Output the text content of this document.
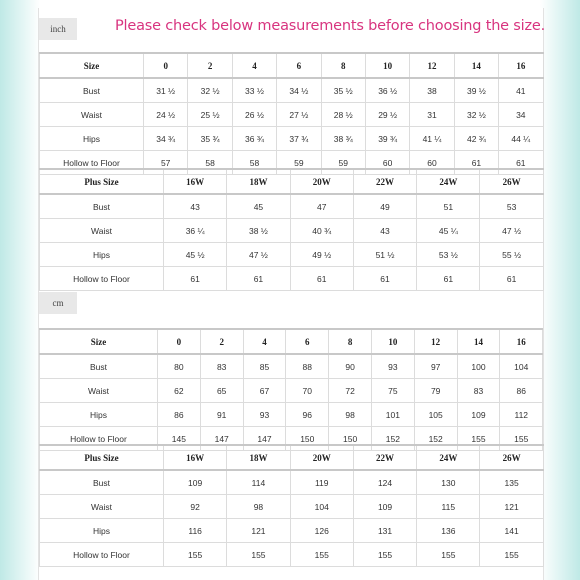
inch	Please check below measurements before choosing the size.
Size	0	2	4	6	8	10	12	14	16
Bust	31 ½	32 ½	33 ½	34 ½	35 ½	36 ½	38	39 ½	41
Waist	24 ½	25 ½	26 ½	27 ½	28 ½	29 ½	31	32 ½	34
Hips	34 ¾	35 ¾	36 ¾	37 ¾	38 ¾	39 ¾	41 ¼	42 ¾	44 ¼
Hollow to Floor	57	58	58	59	59	60	60	61	61
Plus Size	16W	18W	20W	22W	24W	26W
Bust	43	45	47	49	51	53
Waist	36 ¼	38 ½	40 ¾	43	45 ¼	47 ½
Hips	45 ½	47 ½	49 ½	51 ½	53 ½	55 ½
Hollow to Floor	61	61	61	61	61	61
cm
Size	0	2	4	6	8	10	12	14	16
Bust	80	83	85	88	90	93	97	100	104
Waist	62	65	67	70	72	75	79	83	86
Hips	86	91	93	96	98	101	105	109	112
Hollow to Floor	145	147	147	150	150	152	152	155	155
Plus Size	16W	18W	20W	22W	24W	26W
Bust	109	114	119	124	130	135
Waist	92	98	104	109	115	121
Hips	116	121	126	131	136	141
Hollow to Floor	155	155	155	155	155	155
